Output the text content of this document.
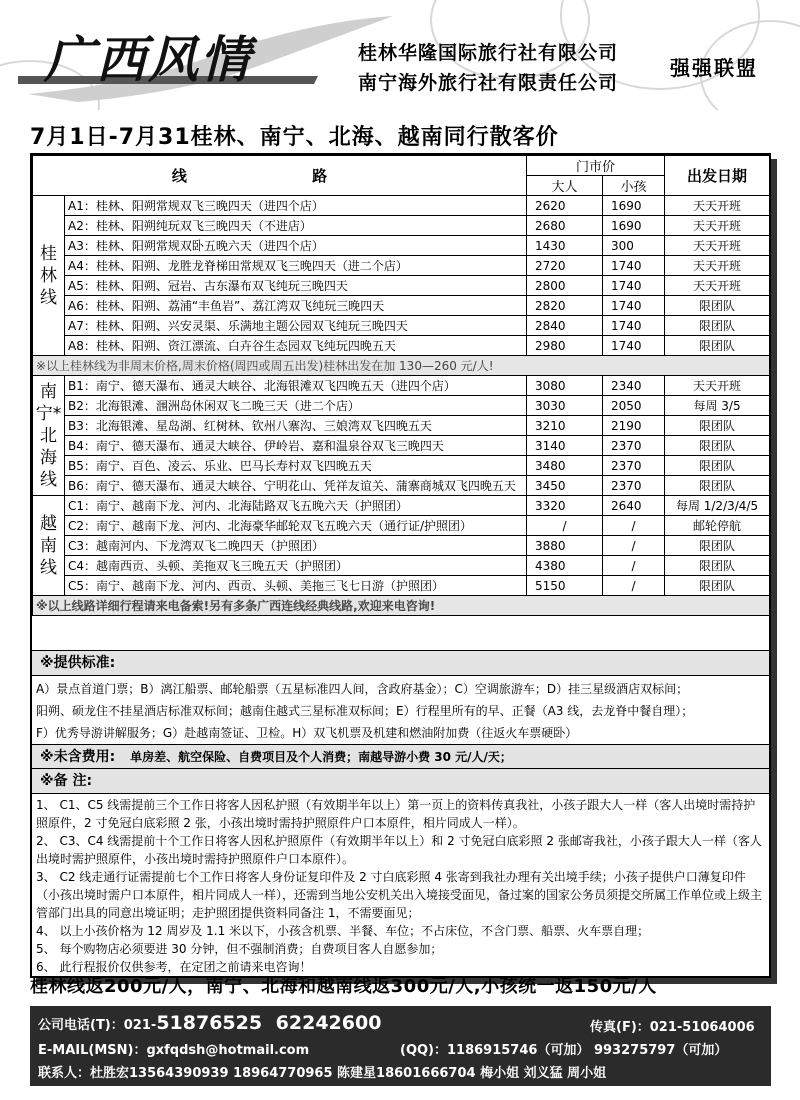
广西风情	桂林华隆国际旅行社有限公司
南宁海外旅行社有限责任公司
强强联盟
7月1日-7月31桂林、南宁、北海、越南同行散客价
线 路		门市价		出发日期
		大人	小孩	
桂林线	A1：桂林、阳朔常规双飞三晚四天（进四个店）	2620	1690	天天开班
	A2：桂林、阳朔纯玩双飞三晚四天（不进店）	2680	1690	天天开班
	A3：桂林、阳朔常规双卧五晚六天（进四个店）	1430	300	天天开班
	A4：桂林、阳朔、龙胜龙脊梯田常规双飞三晚四天（进二个店）	2720	1740	天天开班
	A5：桂林、阳朔、冠岩、古东瀑布双飞纯玩三晚四天	2800	1740	天天开班
	A6：桂林、阳朔、荔浦“丰鱼岩”、荔江湾双飞纯玩三晚四天	2820	1740	限团队
	A7：桂林、阳朔、兴安灵渠、乐满地主题公园双飞纯玩三晚四天	2840	1740	限团队
	A8：桂林、阳朔、资江漂流、白卉谷生态园双飞纯玩四晚五天	2980	1740	限团队
※以上桂林线为非周末价格,周末价格(周四或周五出发)桂林出发在加 130—260 元/人!				
南宁*北海线	B1：南宁、德天瀑布、通灵大峡谷、北海银滩双飞四晚五天（进四个店）	3080	2340	天天开班
	B2：北海银滩、涠洲岛休闲双飞二晚三天（进二个店）	3030	2050	每周 3/5
	B3：北海银滩、星岛湖、红树林、钦州八寨沟、三娘湾双飞四晚五天	3210	2190	限团队
	B4：南宁、德天瀑布、通灵大峡谷、伊岭岩、嘉和温泉谷双飞三晚四天	3140	2370	限团队
	B5：南宁、百色、凌云、乐业、巴马长寿村双飞四晚五天	3480	2370	限团队
	B6：南宁、德天瀑布、通灵大峡谷、宁明花山、凭祥友谊关、蒲寨商城双飞四晚五天	3450	2370	限团队
越南线	C1：南宁、越南下龙、河内、北海陆路双飞五晚六天（护照团）	3320	2640	每周 1/2/3/4/5
	C2：南宁、越南下龙、河内、北海豪华邮轮双飞五晚六天（通行证/护照团）	/	/	邮轮停航
	C3：越南河内、下龙湾双飞二晚四天（护照团）	3880	/	限团队
	C4：越南西贡、头顿、美拖双飞三晚五天（护照团）	4380	/	限团队
	C5：南宁、越南下龙、河内、西贡、头顿、美拖三飞七日游（护照团）	5150	/	限团队
※以上线路详细行程请来电备索!另有多条广西连线经典线路,欢迎来电咨询!				
※提供标准:
A）景点首道门票；B）漓江船票、邮轮船票（五星标准四人间，含政府基金）；C）空调旅游车；D）挂三星级酒店双标间；
阳朔、硕龙住不挂星酒店标准双标间；越南住越式三星标准双标间；E）行程里所有的早、正餐（A3 线，去龙脊中餐自理）；
F）优秀导游讲解服务；G）赴越南签证、卫检。H）双飞机票及机建和燃油附加费（往返火车票硬卧）
※未含费用: 单房差、航空保险、自费项目及个人消费；南越导游小费 30 元/人/天；
※备 注:

1、 C1、C5 线需提前三个工作日将客人因私护照（有效期半年以上）第一页上的资料传真我社，小孩子跟大人一样（客人出境时需持护照原件，2 寸免冠白底彩照 2 张，小孩出境时需持护照原件户口本原件，相片同成人一样）。

2、 C3、C4 线需提前十个工作日将客人因私护照原件（有效期半年以上）和 2 寸免冠白底彩照 2 张邮寄我社，小孩子跟大人一样（客人出境时需护照原件，小孩出境时需持护照原件户口本原件）。

3、 C2 线走通行证需提前七个工作日将客人身份证复印件及 2 寸白底彩照 4 张寄到我社办理有关出境手续；小孩子提供户口薄复印件（小孩出境时需户口本原件，相片同成人一样），还需到当地公安机关出入境接受面见，备过案的国家公务员须提交所属工作单位或上级主管部门出具的同意出境证明；走护照团提供资料同备注 1，不需要面见；

4、 以上小孩价格为 12 周岁及 1.1 米以下，小孩含机票、半餐、车位；不占床位，不含门票、船票、火车票自理；

5、 每个购物店必须要进 30 分钟，但不强制消费；自费项目客人自愿参加；

6、 此行程报价仅供参考，在定团之前请来电咨询！

桂林线返200元/人，南宁、北海和越南线返300元/人,小孩统一返150元/人
公司电话(T)：021-51876525 62242600	传真(F)：021-51064006
E-MAIL(MSN)：gxfqdsh@hotmail.com	(QQ)：1186915746（可加） 993275797（可加）
联系人：杜胜宏13564390939 18964770965 陈建星18601666704 梅小姐 刘义猛 周小姐
